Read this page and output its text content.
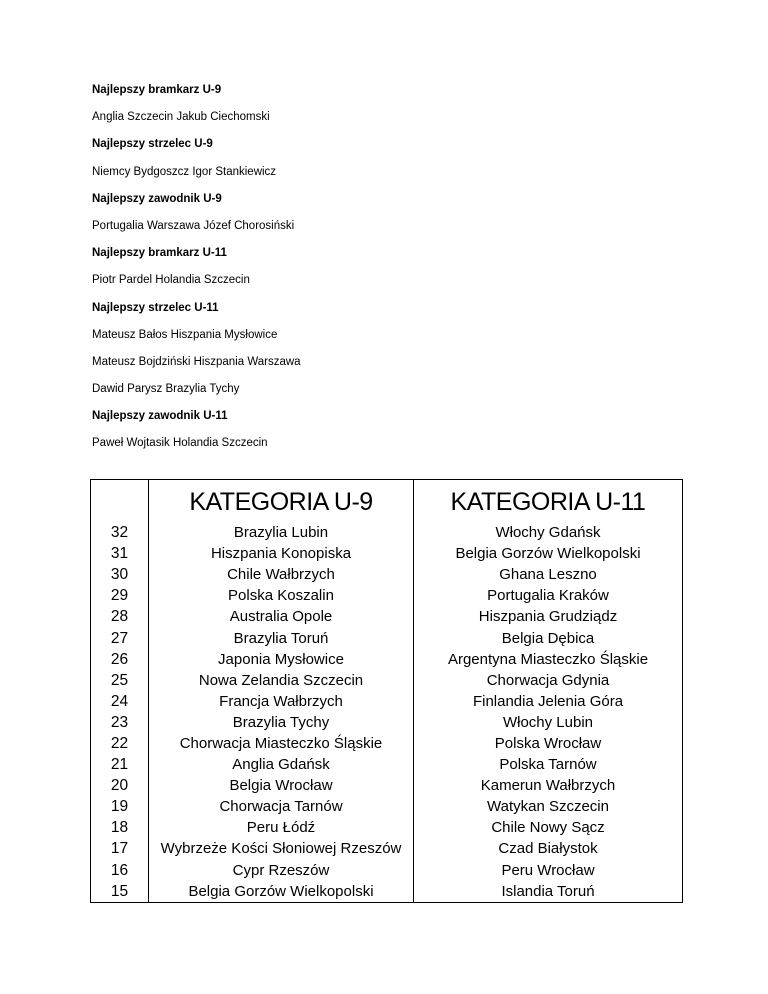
Najlepszy bramkarz U-9
Anglia Szczecin Jakub Ciechomski
Najlepszy strzelec U-9
Niemcy Bydgoszcz Igor Stankiewicz
Najlepszy zawodnik U-9
Portugalia Warszawa Józef Chorosiński
Najlepszy bramkarz U-11
Piotr Pardel Holandia Szczecin
Najlepszy strzelec U-11
Mateusz Bałos Hiszpania Mysłowice
Mateusz Bojdziński Hiszpania Warszawa
Dawid Parysz Brazylia Tychy
Najlepszy zawodnik U-11
Paweł Wojtasik Holandia Szczecin
	KATEGORIA U-9	KATEGORIA U-11
32	Brazylia Lubin	Włochy Gdańsk
31	Hiszpania Konopiska	Belgia Gorzów Wielkopolski
30	Chile Wałbrzych	Ghana Leszno
29	Polska Koszalin	Portugalia Kraków
28	Australia Opole	Hiszpania Grudziądz
27	Brazylia Toruń	Belgia Dębica
26	Japonia Mysłowice	Argentyna Miasteczko Śląskie
25	Nowa Zelandia Szczecin	Chorwacja Gdynia
24	Francja Wałbrzych	Finlandia Jelenia Góra
23	Brazylia Tychy	Włochy Lubin
22	Chorwacja Miasteczko Śląskie	Polska Wrocław
21	Anglia Gdańsk	Polska Tarnów
20	Belgia Wrocław	Kamerun Wałbrzych
19	Chorwacja Tarnów	Watykan Szczecin
18	Peru Łódź	Chile Nowy Sącz
17	Wybrzeże Kości Słoniowej Rzeszów	Czad Białystok
16	Cypr Rzeszów	Peru Wrocław
15	Belgia Gorzów Wielkopolski	Islandia Toruń
